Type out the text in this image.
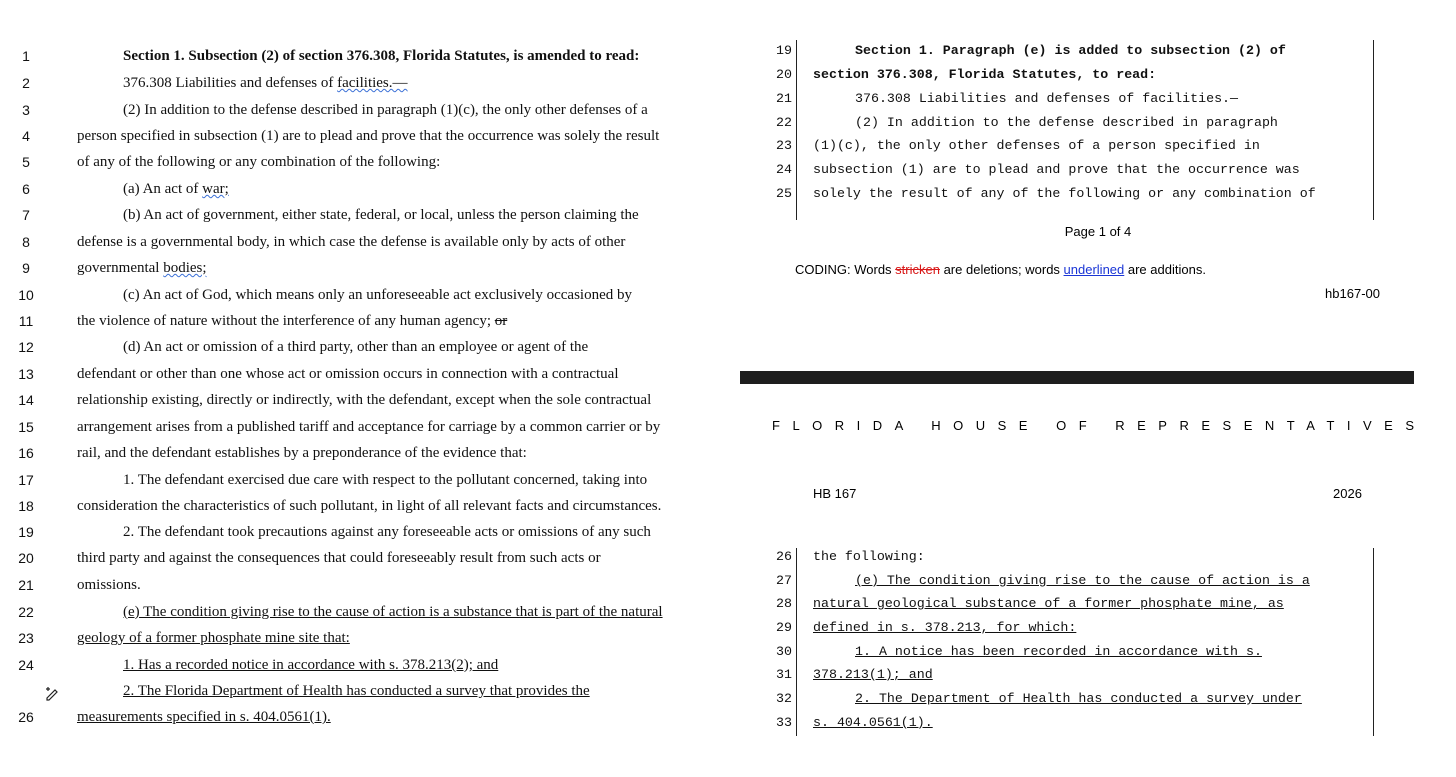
1	Section 1. Subsection (2) of section 376.308, Florida Statutes, is amended to read:
2	376.308 Liabilities and defenses of facilities.—
3	(2) In addition to the defense described in paragraph (1)(c), the only other defenses of a
4	person specified in subsection (1) are to plead and prove that the occurrence was solely the result
5	of any of the following or any combination of the following:
6	(a) An act of war;
7	(b) An act of government, either state, federal, or local, unless the person claiming the
8	defense is a governmental body, in which case the defense is available only by acts of other
9	governmental bodies;
10	(c) An act of God, which means only an unforeseeable act exclusively occasioned by
11	the violence of nature without the interference of any human agency; or
12	(d) An act or omission of a third party, other than an employee or agent of the
13	defendant or other than one whose act or omission occurs in connection with a contractual
14	relationship existing, directly or indirectly, with the defendant, except when the sole contractual
15	arrangement arises from a published tariff and acceptance for carriage by a common carrier or by
16	rail, and the defendant establishes by a preponderance of the evidence that:
17	1. The defendant exercised due care with respect to the pollutant concerned, taking into
18	consideration the characteristics of such pollutant, in light of all relevant facts and circumstances.
19	2. The defendant took precautions against any foreseeable acts or omissions of any such
20	third party and against the consequences that could foreseeably result from such acts or
21	omissions.
22	(e) The condition giving rise to the cause of action is a substance that is part of the natural
23	geology of a former phosphate mine site that:
24	1. Has a recorded notice in accordance with s. 378.213(2); and
2. The Florida Department of Health has conducted a survey that provides the
26	measurements specified in s. 404.0561(1).
19	Section 1. Paragraph (e) is added to subsection (2) of
20 section 376.308, Florida Statutes, to read:
21	376.308 Liabilities and defenses of facilities.—
22	(2) In addition to the defense described in paragraph
23 (1)(c), the only other defenses of a person specified in
24 subsection (1) are to plead and prove that the occurrence was
25 solely the result of any of the following or any combination of
Page 1 of 4
CODING: Words stricken are deletions; words underlined are additions.
hb167-00
FLORIDA HOUSE OF REPRESENTATIVES
HB 167	2026
26 the following:
27	(e) The condition giving rise to the cause of action is a
28 natural geological substance of a former phosphate mine, as
29 defined in s. 378.213, for which:
30	1. A notice has been recorded in accordance with s.
31 378.213(1); and
32	2. The Department of Health has conducted a survey under
33 s. 404.0561(1).
